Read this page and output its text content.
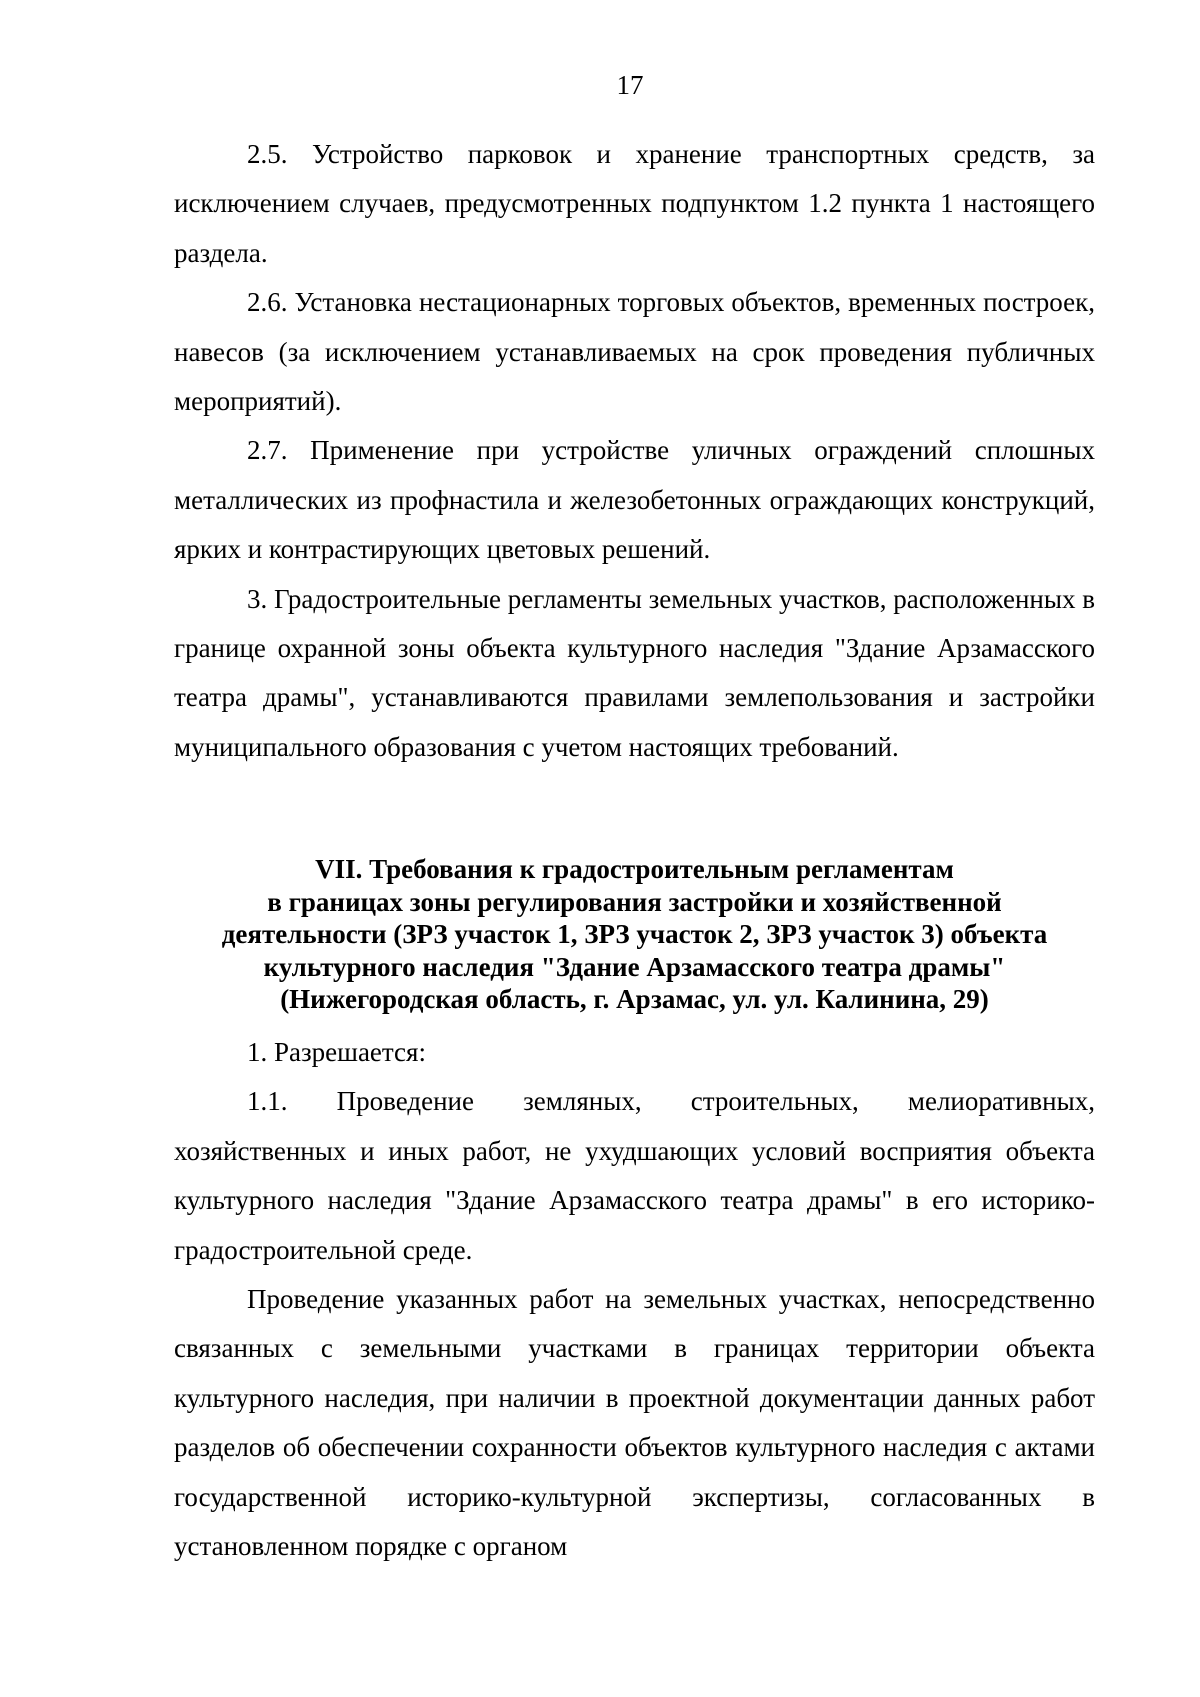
17

2.5. Устройство парковок и хранение транспортных средств, за исключением случаев, предусмотренных подпунктом 1.2 пункта 1 настоящего раздела.

2.6. Установка нестационарных торговых объектов, временных построек, навесов (за исключением устанавливаемых на срок проведения публичных мероприятий).

2.7. Применение при устройстве уличных ограждений сплошных металлических из профнастила и железобетонных ограждающих конструкций, ярких и контрастирующих цветовых решений.

3. Градостроительные регламенты земельных участков, расположенных в границе охранной зоны объекта культурного наследия "Здание Арзамасского театра драмы", устанавливаются правилами землепользования и застройки муниципального образования с учетом настоящих требований.

VII. Требования к градостроительным регламентам
в границах зоны регулирования застройки и хозяйственной
деятельности (ЗРЗ участок 1, ЗРЗ участок 2, ЗРЗ участок 3) объекта
культурного наследия "Здание Арзамасского театра драмы"
(Нижегородская область, г. Арзамас, ул. ул. Калинина, 29)

1. Разрешается:

1.1. Проведение земляных, строительных, мелиоративных, хозяйственных и иных работ, не ухудшающих условий восприятия объекта культурного наследия "Здание Арзамасского театра драмы" в его историко-градостроительной среде.

Проведение указанных работ на земельных участках, непосредственно связанных с земельными участками в границах территории объекта культурного наследия, при наличии в проектной документации данных работ разделов об обеспечении сохранности объектов культурного наследия с актами государственной историко-культурной экспертизы, согласованных в установленном порядке с органом
